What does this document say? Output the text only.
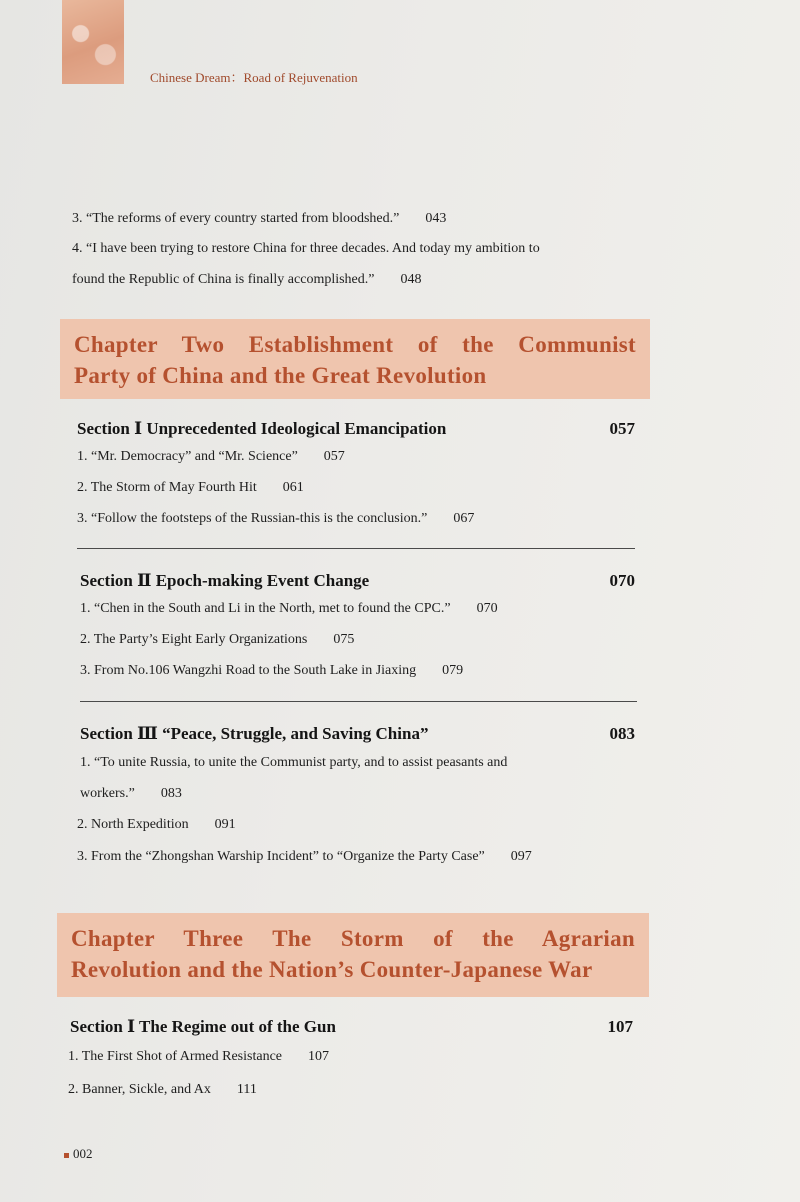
Chinese Dream：Road of Rejuvenation
3. “The reforms of every country started from bloodshed.” 043
4. “I have been trying to restore China for three decades. And today my ambition to
found the Republic of China is finally accomplished.” 048
Chapter Two Establishment of the Communist
Party of China and the Great Revolution
Section Ⅰ Unprecedented Ideological Emancipation	057
1. “Mr. Democracy” and “Mr. Science” 057
2. The Storm of May Fourth Hit 061
3. “Follow the footsteps of the Russian-this is the conclusion.” 067
Section Ⅱ Epoch-making Event Change	070
1. “Chen in the South and Li in the North, met to found the CPC.” 070
2. The Party’s Eight Early Organizations 075
3. From No.106 Wangzhi Road to the South Lake in Jiaxing 079
Section Ⅲ “Peace, Struggle, and Saving China”	083
1. “To unite Russia, to unite the Communist party, and to assist peasants and
workers.” 083
2. North Expedition 091
3. From the “Zhongshan Warship Incident” to “Organize the Party Case” 097
Chapter Three The Storm of the Agrarian
Revolution and the Nation’s Counter-Japanese War
Section Ⅰ The Regime out of the Gun	107
1. The First Shot of Armed Resistance 107
2. Banner, Sickle, and Ax 111
002
